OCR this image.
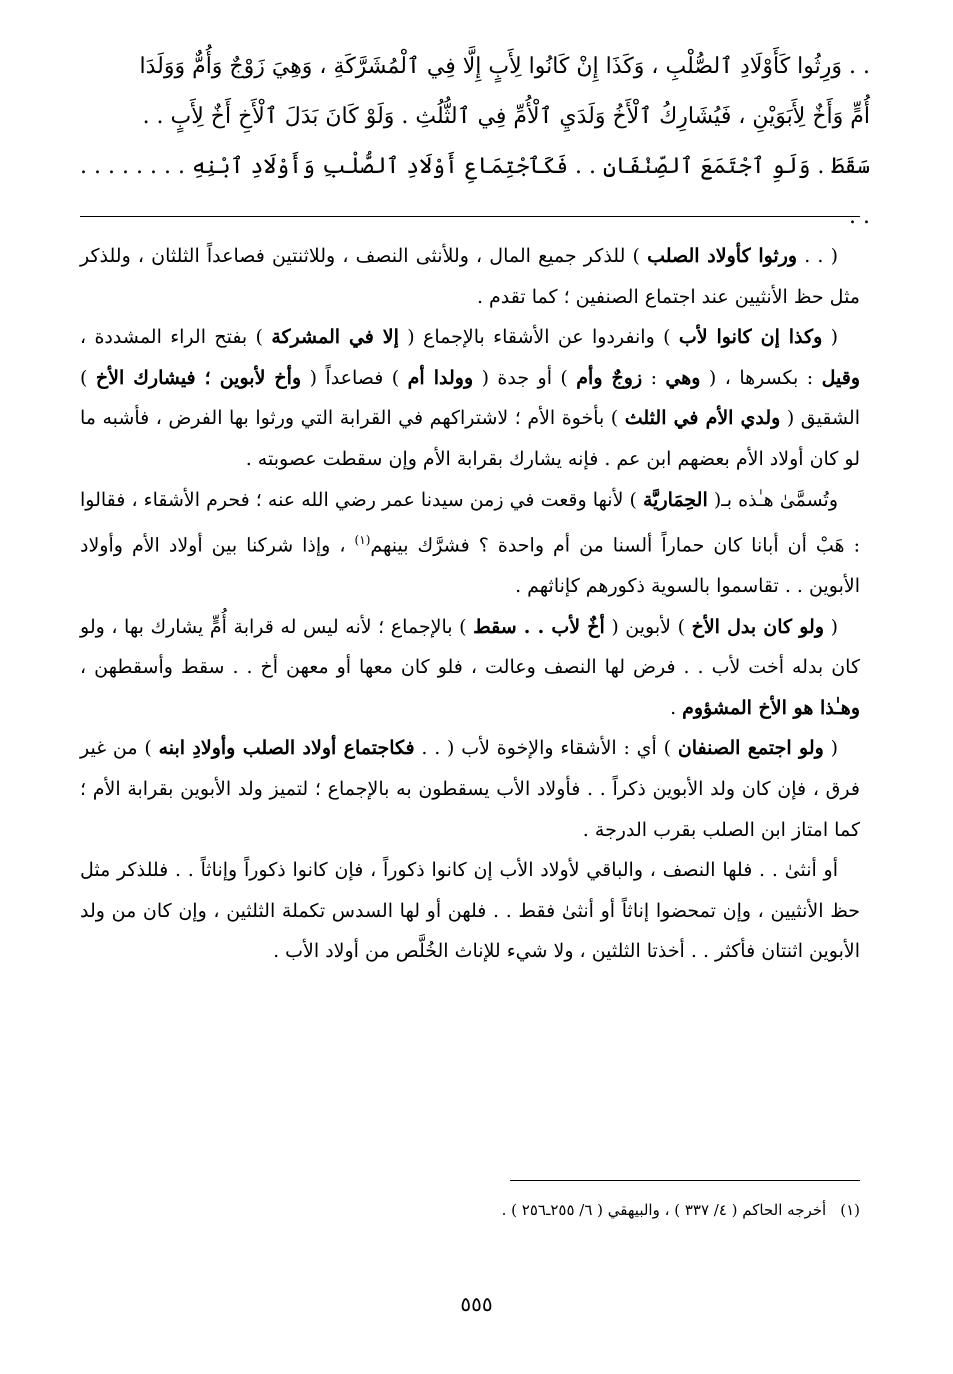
. . وَرِثُوا كَأَوْلَادِ ٱلصُّلْبِ ، وَكَذَا إِنْ كَانُوا لِأَبٍ إِلَّا فِي ٱلْمُشَرَّكَةِ ، وَهِيَ زَوْجٌ وَأُمٌّ وَوَلَدَا

أُمٍّ وَأَخٌ لِأَبَوَيْنِ ، فَيُشَارِكُ ٱلْأَخُ وَلَدَيِ ٱلْأُمِّ فِي ٱلثُّلُثِ . وَلَوْ كَانَ بَدَلَ ٱلْأَخِ أَخٌ لِأَبٍ . .

سَقَطَ . وَلَوِ ٱجْتَمَعَ ٱلصِّنْفَانِ . . فَكَٱجْتِمَاعِ أَوْلَادِ ٱلصُّلْبِ وَأَوْلَادِ ٱبْنِهِ . . . . . . . . . .

( . . ورثوا كأولاد الصلب ) للذكر جميع المال ، وللأنثى النصف ، وللاثنتين فصاعداً الثلثان ، وللذكر مثل حظ الأنثيين عند اجتماع الصنفين ؛ كما تقدم .

( وكذا إن كانوا لأب ) وانفردوا عن الأشقاء بالإجماع ( إلا في المشركة ) بفتح الراء المشددة ، وقيل : بكسرها ، ( وهي : زوجٌ وأم ) أو جدة ( وولدا أم ) فصاعداً ( وأخ لأبوين ؛ فيشارك الأخ ) الشقيق ( ولدي الأم في الثلث ) بأخوة الأم ؛ لاشتراكهم في القرابة التي ورثوا بها الفرض ، فأشبه ما لو كان أولاد الأم بعضهم ابن عم . فإنه يشارك بقرابة الأم وإن سقطت عصوبته .

وتُسمَّىٰ هـٰذه بـ( الحِمَاريَّة ) لأنها وقعت في زمن سيدنا عمر رضي الله عنه ؛ فحرم الأشقاء ، فقالوا : هَبْ أن أبانا كان حماراً ألسنا من أم واحدة ؟ فشرَّك بينهم$^{(١)}$ ، وإذا شركنا بين أولاد الأم وأولاد الأبوين . . تقاسموا بالسوية ذكورهم كإناثهم .

( ولو كان بدل الأخ ) لأبوين ( أخٌ لأب . . سقط ) بالإجماع ؛ لأنه ليس له قرابة أُمٍّ يشارك بها ، ولو كان بدله أخت لأب . . فرض لها النصف وعالت ، فلو كان معها أو معهن أخ . . سقط وأسقطهن ، وهـٰذا هو الأخ المشؤوم .

( ولو اجتمع الصنفان ) أي : الأشقاء والإخوة لأب ( . . فكاجتماع أولاد الصلب وأولادِ ابنه ) من غير فرق ، فإن كان ولد الأبوين ذكراً . . فأولاد الأب يسقطون به بالإجماع ؛ لتميز ولد الأبوين بقرابة الأم ؛ كما امتاز ابن الصلب بقرب الدرجة .

أو أنثىٰ . . فلها النصف ، والباقي لأولاد الأب إن كانوا ذكوراً ، فإن كانوا ذكوراً وإناثاً . . فللذكر مثل حظ الأنثيين ، وإن تمحضوا إناثاً أو أنثىٰ فقط . . فلهن أو لها السدس تكملة الثلثين ، وإن كان من ولد الأبوين اثنتان فأكثر . . أخذتا الثلثين ، ولا شيء للإناث الخُلَّص من أولاد الأب .

(١)أخرجه الحاكم ( ٤/ ٣٣٧ ) ، والبيهقي ( ٦/ ٢٥٥ـ٢٥٦ ) .
٥٥٥
